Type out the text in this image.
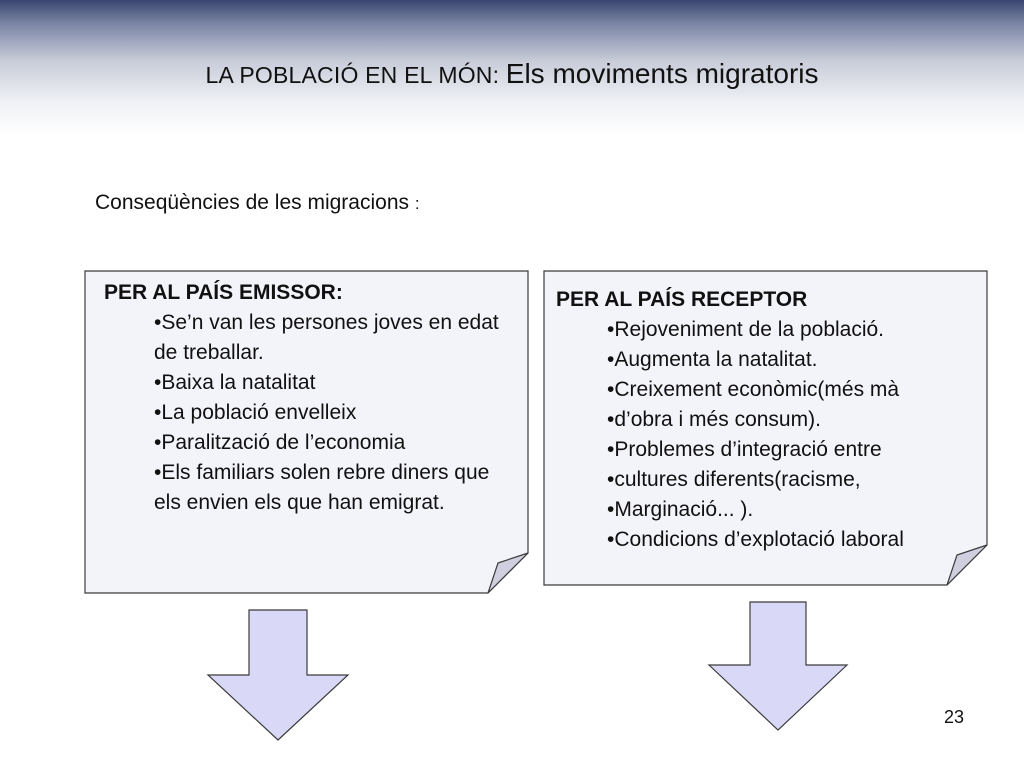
LA POBLACIÓ EN EL MÓN: Els moviments migratoris
Conseqüències de les migracions :
PER AL PAÍS EMISSOR:
•Se’n van les persones joves en edat de treballar.
•Baixa la natalitat
•La població envelleix
•Paralització de l’economia
•Els familiars solen rebre diners que els envien els que han emigrat.
PER AL PAÍS RECEPTOR
•Rejoveniment de la població.
•Augmenta la natalitat.
•Creixement econòmic(més mà
•d’obra i més consum).
•Problemes d’integració entre
•cultures diferents(racisme,
•Marginació... ).
•Condicions d’explotació laboral
23
